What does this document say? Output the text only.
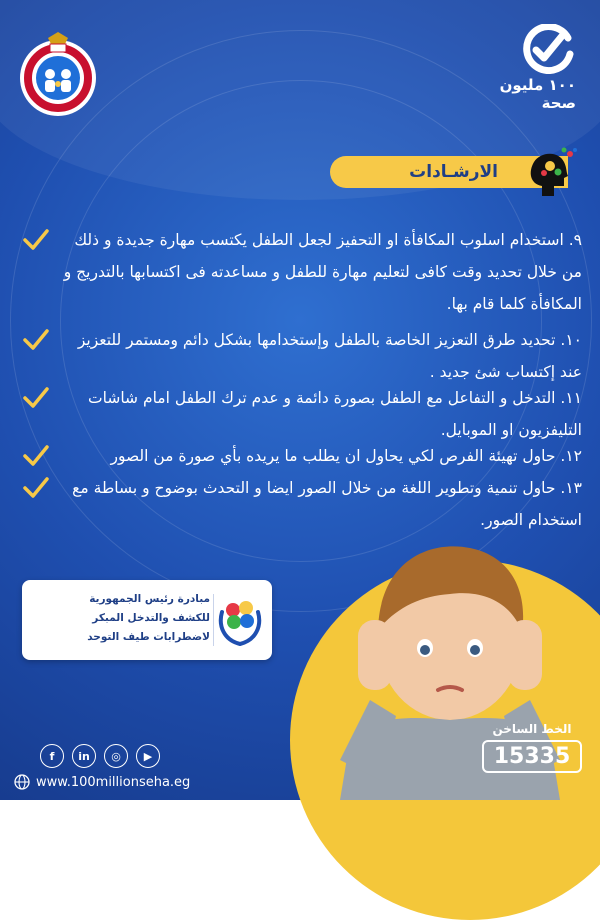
١٠٠ مليون
صحة
الارشـادات
٩. استخدام اسلوب المكافأة او التحفيز لجعل الطفل يكتسب مهارة جديدة و ذلك من خلال تحديد وقت كافى لتعليم مهارة للطفل و مساعدته فى اكتسابها بالتدريج و المكافأة كلما قام بها.
١٠. تحديد طرق التعزيز الخاصة بالطفل وإستخدامها بشكل دائم ومستمر للتعزيز عند إكتساب شئ جديد .
١١. التدخل و التفاعل مع الطفل بصورة دائمة و عدم ترك الطفل امام شاشات التليفزيون او الموبايل.
١٢. حاول تهيئة الفرص لكي يحاول ان يطلب ما يريده بأي صورة من الصور
١٣. حاول تنمية وتطوير اللغة من خلال الصور ايضا و التحدث بوضوح و بساطة مع استخدام الصور.
مبادرة رئيس الجمهورية
للكشف والتدخل المبكر
لاضطرابات طيف التوحد
الخط الساخن
15335
f	in	◎	▶
www.100millionseha.eg
